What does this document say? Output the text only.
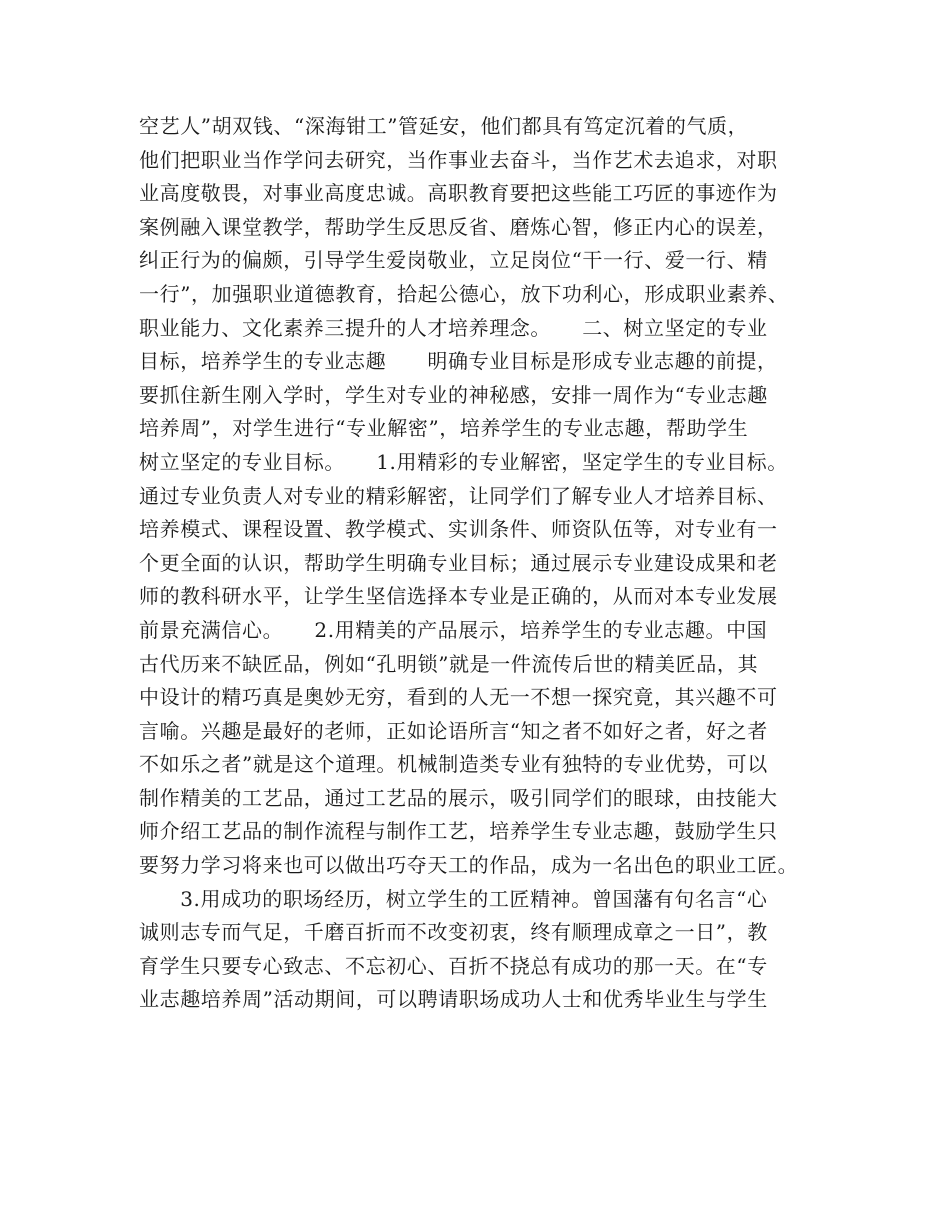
空艺人”胡双钱、“深海钳工”管延安，他们都具有笃定沉着的气质，
他们把职业当作学问去研究，当作事业去奋斗，当作艺术去追求，对职
业高度敬畏，对事业高度忠诚。高职教育要把这些能工巧匠的事迹作为
案例融入课堂教学，帮助学生反思反省、磨炼心智，修正内心的误差，
纠正行为的偏颇，引导学生爱岗敬业，立足岗位“干一行、爱一行、精
一行”，加强职业道德教育，拾起公德心，放下功利心，形成职业素养、
职业能力、文化素养三提升的人才培养理念。　　二、树立坚定的专业
目标，培养学生的专业志趣　　明确专业目标是形成专业志趣的前提，
要抓住新生刚入学时，学生对专业的神秘感，安排一周作为“专业志趣
培养周”，对学生进行“专业解密”，培养学生的专业志趣，帮助学生
树立坚定的专业目标。　　1.用精彩的专业解密，坚定学生的专业目标。
通过专业负责人对专业的精彩解密，让同学们了解专业人才培养目标、
培养模式、课程设置、教学模式、实训条件、师资队伍等，对专业有一
个更全面的认识，帮助学生明确专业目标；通过展示专业建设成果和老
师的教科研水平，让学生坚信选择本专业是正确的，从而对本专业发展
前景充满信心。　　2.用精美的产品展示，培养学生的专业志趣。中国
古代历来不缺匠品，例如“孔明锁”就是一件流传后世的精美匠品，其
中设计的精巧真是奥妙无穷，看到的人无一不想一探究竟，其兴趣不可
言喻。兴趣是最好的老师，正如论语所言“知之者不如好之者，好之者
不如乐之者”就是这个道理。机械制造类专业有独特的专业优势，可以
制作精美的工艺品，通过工艺品的展示，吸引同学们的眼球，由技能大
师介绍工艺品的制作流程与制作工艺，培养学生专业志趣，鼓励学生只
要努力学习将来也可以做出巧夺天工的作品，成为一名出色的职业工匠。
　　3.用成功的职场经历，树立学生的工匠精神。曾国藩有句名言“心
诚则志专而气足，千磨百折而不改变初衷，终有顺理成章之一日”，教
育学生只要专心致志、不忘初心、百折不挠总有成功的那一天。在“专
业志趣培养周”活动期间，可以聘请职场成功人士和优秀毕业生与学生
